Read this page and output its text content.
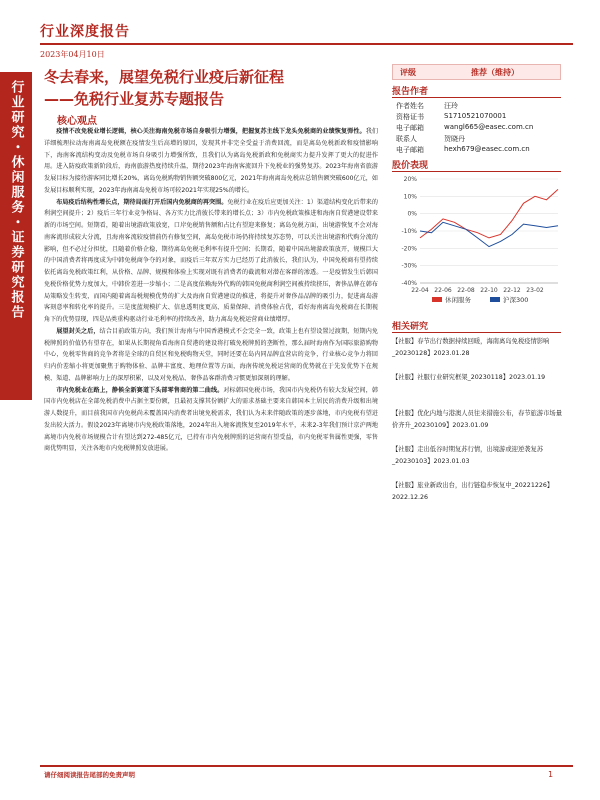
行业深度报告
2023年04月10日
行业研究・休闲服务・证券研究报告
冬去春来，展望免税行业疫后新征程
——免税行业复苏专题报告
核心观点

疫情不改免税业增长逻辑，核心关注海南免税市场自身吸引力增强，把握复苏主线下龙头免税商的业绩恢复弹性。我们详细梳理拉动海南离岛免税额在疫情发生后高增的原因，发现其并非完全受益于消费回流，而是离岛免税新政和疫情影响下，海南客流结构变动及免税市场自身吸引力增强所致，且我们认为离岛免税新政和免税商实力提升发挥了更大的促进作用。进入防疫政策新阶段后，海南旅游热度持续升温，期待2023年海南客流回升下免税业的强势复苏。2023年海南省旅游发展目标为接待游客同比增长20%，离岛免税购物销售额突破800亿元，2021年海南离岛免税店总销售额突破600亿元，如发展目标顺利实现，2023年海南离岛免税市场可较2021年实现25%的增长。

布局疫后结构性增长点，期待局面打开后国内免税商的再突围。免税行业在疫后应更加关注：1）渠道结构变化后带来的利润空间提升；2）疫后三年行业竞争格局、各方实力比消彼长带来的增长点；3）市内免税政策推进和海南自贸港建设带来新的市场空间。短期看，随着出境游政策放宽，口岸免税销售额和占比有望迎来修复；离岛免税方面，出境游恢复不会对海南客流形成较大分流，且海南客流较疫情前仍有修复空间，离岛免税市场仍将持续复苏态势，可以关注出境游和代购分流的影响，但不必过分担忧，且随着价格企稳，期待离岛免税毛利率有提升空间；长期看，随着中国出境游政策放开，规模巨大的中国消费者将再度成为中韩免税商争夺的对象，而疫后三年双方实力已经历了此消彼长，我们认为，中国免税商有望持续依托离岛免税政策红利，从价格、品牌、规模和体验上实现对既有消费者的截流和对潜在客群的渗透。一是疫情发生后韩国免税价格优势力度加大，中韩价差进一步缩小；二是高度依赖海外代购的韩国免税商利润空间被持续挤压，奢侈品牌在韩布局策略发生转变，而国内随着离岛税规模优势的扩大及海南自贸港建设的推进，将提升对奢侈品品牌的吸引力，促进离岛游客刻意率和转化率的提升。三是度蓝规模扩大、信息透明度更高、质量保障、消费体验占优，看好海南离岛免税商在长期视角下的优势显现，四是品类重构驱动行业毛利率的持续改善，助力离岛免税运营商业绩增厚。

展望封关之后，结合目前政策方向，我们预计海南与中国香港模式不会完全一致，政策上也有望设置过渡期，短期内免税牌照的价值仍有望存在，如果从长期视角看海南自贸港的建设将打破免税牌照的垄断性，那么届时海南作为国际旅游购物中心，免税零售商的竞争者将是全球的自贸区和免税购物天堂，同时还要在岛内同品牌直营店的竞争，行业核心竞争力将回归内价差缩小将更加聚焦于购物体验、品牌丰富度、地理位置等方面，海南传统免税运营商的优势就在于先发优势下在规模、渠道、品牌影响力上的深厚积累，以及对免税品、奢侈品客群消费习惯更加深刻的理解。

市内免税业在路上，静候全新赛道下头部零售商的第二曲线。对标韩国免税市场，我国市内免税仍有较大发展空间，韩国市内免税店在全部免税消费中占据主要份额，且最初支撑其份额扩大的需求基础主要来自韩国本土居民的消费升级和出境游人数提升，而目前我国市内免税尚未覆盖国内消费者出境免税需求，我们认为未来伴随政策的逐步落地，市内免税有望迸发出较大活力。假设2023年离境市内免税政策落地，2024年出入境客流恢复至2019年水平，未来2-3年我们预计京沪两地离境市内免税市场规模合计有望达到272-485亿元，已持有市内免税牌照的运营商有望受益，市内免税零售属性更强，零售商优势明显，关注各地市内免税牌照发放进展。

评级	推荐（维持）
报告作者
作者姓名	汪玲
资格证书	S1710521070001
电子邮箱	wangl665@easec.com.cn
联系人	贺晓丹
电子邮箱	hexh679@easec.com.cn
股价表现
20%
10%
0%
-10%
-20%
-30%
-40%
22-04 22-06 22-08 22-10 22-12 23-02
休闲服务	沪深300
相关研究
【社服】春节出行数据持续回暖，海南离岛免税疫情影响_20230128】2023.01.28
【社服】社服行业研究框架_20230118】2023.01.19
【社服】优化内地与港澳人员往来措施公布，春节旅游市场量价齐升_20230109】2023.01.09
【社服】走出低谷时期复苏行情，出境游或迎逆袭复苏_20230103】2023.01.03
【社服】旅业新政出台，出行链稳步恢复中_20221226】2022.12.26
请仔细阅读报告尾部的免责声明	1
